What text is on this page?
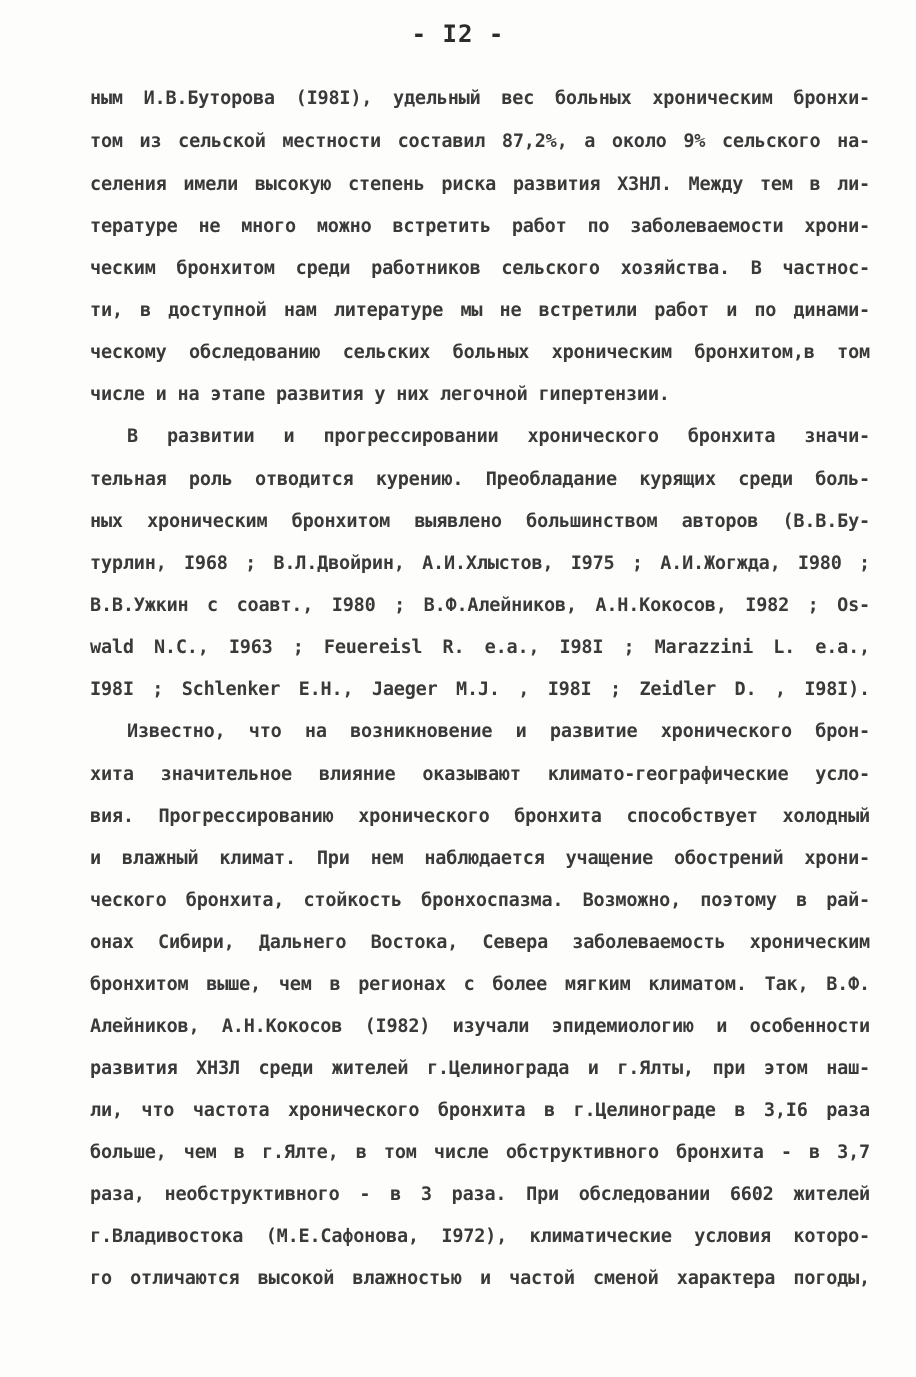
- I2 -
ным И.В.Буторова (I98I), удельный вес больных хроническим бронхи-
том из сельской местности составил 87,2%, а около 9% сельского на-
селения имели высокую степень риска развития ХЗНЛ. Между тем в ли-
тературе не много можно встретить работ по заболеваемости хрони-
ческим бронхитом среди работников сельского хозяйства. В частнос-
ти, в доступной нам литературе мы не встретили работ и по динами-
ческому обследованию сельских больных хроническим бронхитом,в том
числе и на этапе развития у них легочной гипертензии.
В развитии и прогрессировании хронического бронхита значи-
тельная роль отводится курению. Преобладание курящих среди боль-
ных хроническим бронхитом выявлено большинством авторов (В.В.Бу-
турлин, I968 ; В.Л.Двойрин, А.И.Хлыстов, I975 ; А.И.Жогжда, I980 ;
В.В.Ужкин с соавт., I980 ; В.Ф.Алейников, А.Н.Кокосов, I982 ; Os-
wald N.C., I963 ; Feuereisl R. e.a., I98I ; Marazzini L. e.a.,
I98I ; Schlenker E.H., Jaeger M.J. , I98I ; Zeidler D. , I98I).
Известно, что на возникновение и развитие хронического брон-
хита значительное влияние оказывают климато-географические усло-
вия. Прогрессированию хронического бронхита способствует холодный
и влажный климат. При нем наблюдается учащение обострений хрони-
ческого бронхита, стойкость бронхоспазма. Возможно, поэтому в рай-
онах Сибири, Дальнего Востока, Севера заболеваемость хроническим
бронхитом выше, чем в регионах с более мягким климатом. Так, В.Ф.
Алейников, А.Н.Кокосов (I982) изучали эпидемиологию и особенности
развития ХНЗЛ среди жителей г.Целинограда и г.Ялты, при этом наш-
ли, что частота хронического бронхита в г.Целинограде в 3,I6 раза
больше, чем в г.Ялте, в том числе обструктивного бронхита - в 3,7
раза, необструктивного - в 3 раза. При обследовании 6602 жителей
г.Владивостока (М.Е.Сафонова, I972), климатические условия которо-
го отличаются высокой влажностью и частой сменой характера погоды,
